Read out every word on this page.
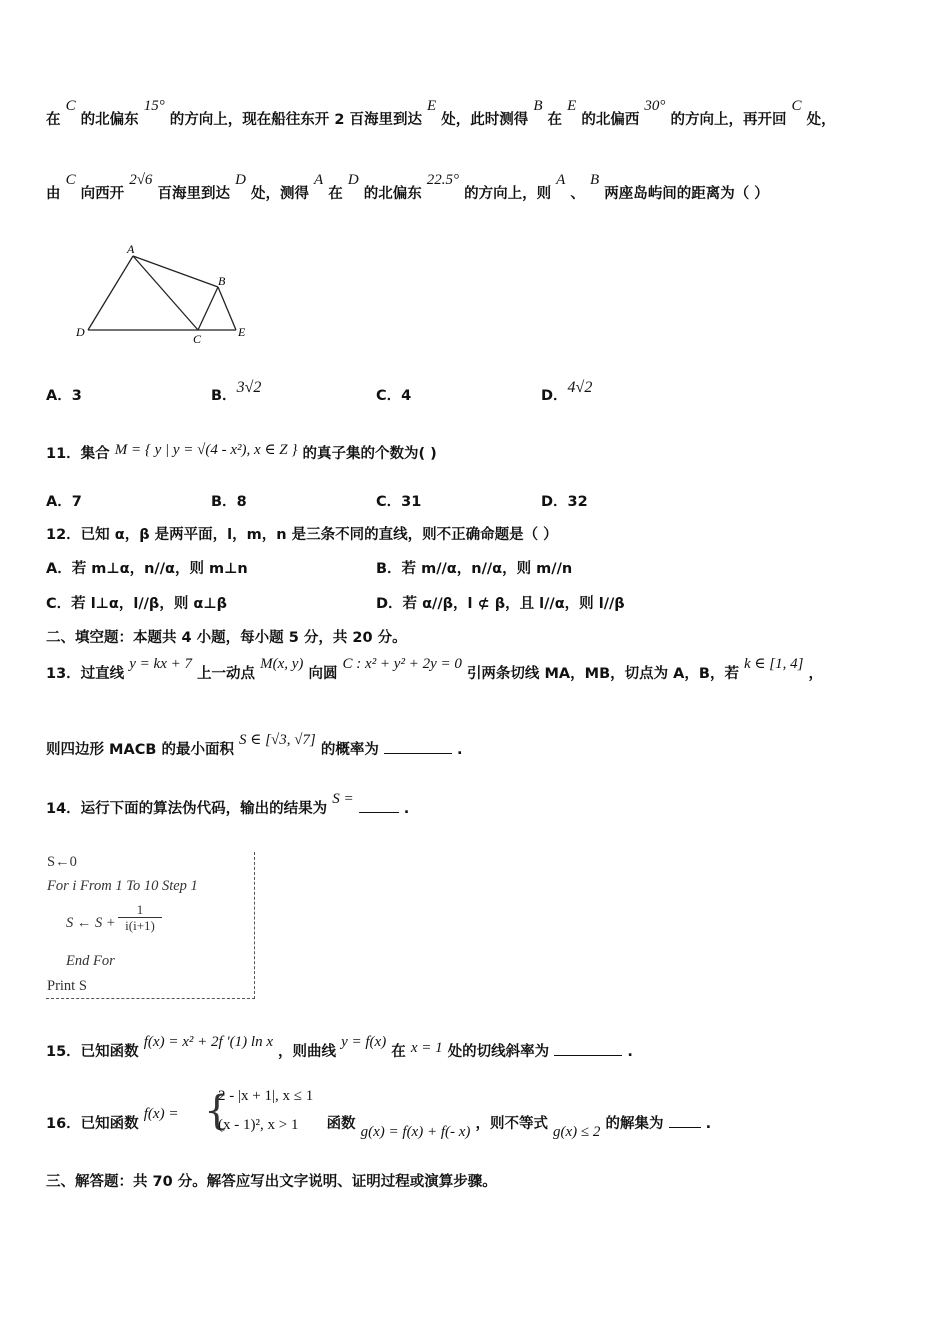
在 C 的北偏东 15° 的方向上，现在船往东开 2 百海里到达 E 处，此时测得 B 在 E 的北偏西 30° 的方向上，再开回 C 处，
由 C 向西开 2√6 百海里到达 D 处，测得 A 在 D 的北偏东 22.5° 的方向上，则 A 、 B 两座岛屿间的距离为（ ）
A
B
D	C	E
A．3	B．3√2	C．4	D．4√2
11．集合 M = { y | y = √(4 - x²), x ∈ Z } 的真子集的个数为( )
A．7	B．8	C．31	D．32
12．已知 α，β 是两平面，l，m，n 是三条不同的直线，则不正确命题是（ ）
A．若 m⊥α，n//α，则 m⊥n	B．若 m//α，n//α，则 m//n
C．若 l⊥α，l//β，则 α⊥β	D．若 α//β，l ⊄ β，且 l//α，则 l//β
二、填空题：本题共 4 小题，每小题 5 分，共 20 分。
13．过直线 y = kx + 7 上一动点 M(x, y) 向圆 C : x² + y² + 2y = 0 引两条切线 MA，MB，切点为 A，B，若 k ∈ [1, 4] ，
则四边形 MACB 的最小面积 S ∈ [√3, √7] 的概率为	.
14．运行下面的算法伪代码，输出的结果为 S =  .
S←0
For i From 1 To 10 Step 1
S ← $S + \frac{1}{i(i+1)}$
End For
Print S
15．已知函数 f(x) = x² + 2f ′(1) ln x ，则曲线 y = f(x) 在 x = 1 处的切线斜率为	.
16．已知函数 f(x) =  函数 g(x) = f(x) + f(- x) ，则不等式 g(x) ≤ 2 的解集为	.
{
2 - |x + 1|, x ≤ 1
(x - 1)², x > 1
三、解答题：共 70 分。解答应写出文字说明、证明过程或演算步骤。
